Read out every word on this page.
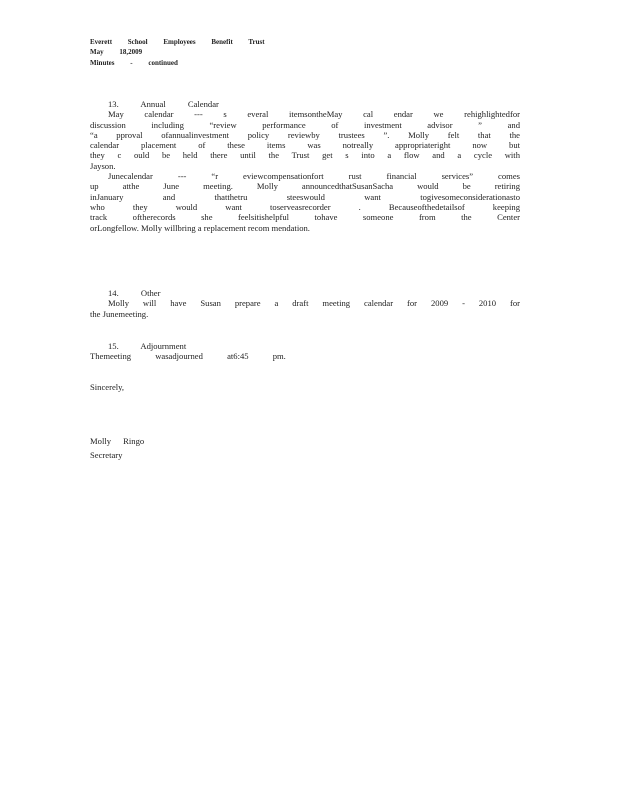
Everett School Employees Benefit Trust
May 18,2009
Minutes - continued
13. Annual Calendar
May calendar --- s everal itemsontheMay cal endar we rehighlightedfor
discussion including “review performance of investment advisor ” and
“a pproval ofannualinvestment policy reviewby trustees ”. Molly felt that the
calendar placement of these items was notreally appropriateright now but
they c ould be held there until the Trust get s into a flow and a cycle with
Jayson.
Junecalendar --- “r eviewcompensationfort rust financial services” comes
up atthe June meeting. Molly announcedthatSusanSacha would be retiring
inJanuary and thatthetru steeswould want togivesomeconsiderationasto
who they would want toserveasrecorder . Becauseofthedetailsof keeping
track oftherecords she feelsitishelpful tohave someone from the Center
orLongfellow. Molly willbring a replacement recom mendation.
14. Other
Molly will have Susan prepare a draft meeting calendar for 2009 - 2010 for
the Junemeeting.
15. Adjournment
Themeeting wasadjourned at6:45 pm.
Sincerely,
Molly Ringo
Secretary
